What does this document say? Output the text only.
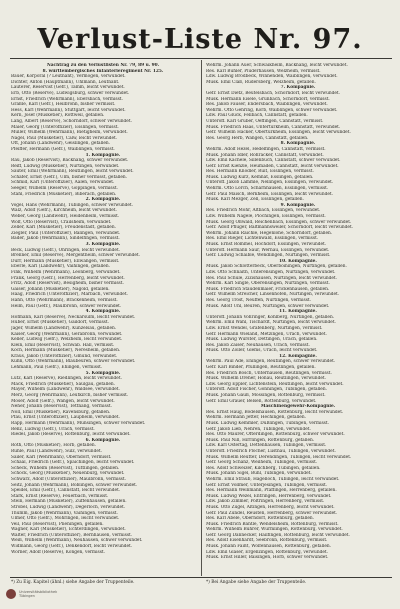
Verlust-Liste Nr. 97.
Nachtrag zu den Verlustlisten Nr. 79, 89 u. 90.
8. württembergisches Infanterieregiment Nr. 125.
Bauer, Korporal (? Leutnant), Vermögen, verwundet.
Dichter, Anton (Hauptmann), Uhlmann, Leutnant.
Lauterer, Reservist (Gefr.), Tamm, leicht verwundet.
Erb, Otto (Reserve), Ludwigsburg, schwer verwundet.
Ernst, Friedrich (Wehrmann), Ebersbach, vermisst.
Gräßle, Karl (Gefr.), Heilbronn, bisher vermisst.
Hess, Karl (Wehrmann), Stuttgart, leicht verwundet.
Kern, Josef (Musketier), Rottweil, gefallen.
Lang, Albert (Reserve), Schorndorf, schwer verwundet.
Maier, Georg (Unteroffizier), Esslingen, vermisst.
Müller, Wilhelm (Wehrmann), Bietigheim, verwundet.
Nagel, Paul (Musketier), Calw, leicht verwundet.
Ott, Johann (Landwehr), Geislingen, gefallen.
Pfeiffer, Hermann (Gefr.), Waiblingen, vermisst.
1. Kompagnie.
Rau, Jakob (Reservist), Backnang, schwer verwundet.
Reiff, Ludwig (Musketier), Nürtingen, verwundet.
Sauter, Emil (Wehrmann), Reutlingen, leicht verwundet.
Schäfer, Ernst (Gefr.), Ulm, bisher vermisst, gefallen.
Schmid, Karl (Unteroffizier), Aalen, verwundet.
Seeger, Wilhelm (Reserve), Göppingen, vermisst.
Stahl, Friedrich (Musketier), Biberach, gefallen.
2. Kompagnie.
Vogel, Hans (Wehrmann), Tübingen, schwer verwundet.
Walz, Adolf (Gefr.), Kirchheim, leicht verwundet.
Weber, Georg (Landwehr), Heidenheim, vermisst.
Wolf, Otto (Reservist), Crailsheim, verwundet.
Zeller, Karl (Musketier), Freudenstadt, gefallen.
Ziegler, Paul (Unteroffizier), Balingen, verwundet.
Bader, Jakob (Wehrmann), Sindelfingen, vermisst.
3. Kompagnie.
Beck, Ludwig (Gefr.), Öhringen, leicht verwundet.
Brenner, Emil (Reserve), Mergentheim, schwer verwundet.
Dürr, Hermann (Musketier), Ellwangen, vermisst.
Eberle, Karl (Landwehr), Vaihingen, gefallen.
Fink, Wilhelm (Wehrmann), Leonberg, verwundet.
Frank, Georg (Gefr.), Herrenberg, leicht verwundet.
Fritz, Adolf (Reservist), Besigheim, bisher vermisst.
Gaiser, Johann (Musketier), Nagold, gefallen.
Haag, Friedrich (Unteroffizier), Marbach, verwundet.
Hahn, Otto (Wehrmann), Brackenheim, vermisst.
Heim, Paul (Gefr.), Maulbronn, schwer verwundet.
4. Kompagnie.
Hofmann, Karl (Reserve), Neckarsulm, leicht verwundet.
Huber, Ernst (Musketier), Gaildorf, vermisst.
Jäger, Wilhelm (Landwehr), Künzelsau, gefallen.
Kaiser, Georg (Wehrmann), Gerabronn, verwundet.
Keller, Ludwig (Gefr.), Welzheim, leicht verwundet.
Klein, Emil (Reservist), Schwäb. Hall, vermisst.
Koch, Hermann (Musketier), Neresheim, gefallen.
Kraus, Jakob (Unteroffizier), Gmünd, verwundet.
Kuhn, Otto (Wehrmann), Blaubeuren, schwer verwundet.
Lehmann, Paul (Gefr.), Ehingen, vermisst.
5. Kompagnie.
Lutz, Karl (Reserve), Riedlingen, leicht verwundet.
Mack, Friedrich (Musketier), Saulgau, gefallen.
Mayer, Wilhelm (Landwehr), Waldsee, verwundet.
Merz, Georg (Wehrmann), Leutkirch, bisher vermisst.
Moser, Adolf (Gefr.), Wangen, leicht verwundet.
Neher, Johann (Reservist), Tettnang, vermisst.
Noll, Emil (Musketier), Ravensburg, gefallen.
Pfau, Ernst (Unteroffizier), Laupheim, verwundet.
Rapp, Hermann (Wehrmann), Münsingen, schwer verwundet.
Renz, Ludwig (Gefr.), Urach, vermisst.
Riedel, Jakob (Reserve), Rottenburg, leicht verwundet.
6. Kompagnie.
Roth, Otto (Musketier), Horb, gefallen.
Rühle, Paul (Landwehr), Sulz, verwundet.
Sailer, Karl (Wehrmann), Oberndorf, vermisst.
Schaal, Friedrich (Gefr.), Spaichingen, leicht verwundet.
Scheck, Wilhelm (Reservist), Tuttlingen, gefallen.
Schöck, Georg (Musketier), Neuenbürg, verwundet.
Schwarz, Adolf (Unteroffizier), Maulbronn, vermisst.
Seitz, Johann (Wehrmann), Böblingen, schwer verwundet.
Speidel, Emil (Gefr.), Cannstatt, leicht verwundet.
Stark, Ernst (Reserve), Feuerbach, vermisst.
Stein, Hermann (Musketier), Zuffenhausen, gefallen.
Strobel, Ludwig (Landwehr), Degerloch, verwundet.
Thumm, Jakob (Wehrmann), Vaihingen, vermisst.
Ulmer, Otto (Gefr.), Möhringen, leicht verwundet.
Veil, Paul (Reservist), Plieningen, gefallen.
Wagner, Karl (Musketier), Echterdingen, verwundet.
Walter, Friedrich (Unteroffizier), Bernhausen, vermisst.
Weiß, Wilhelm (Wehrmann), Neuhausen, schwer verwundet.
Widmann, Georg (Gefr.), Denkendorf, leicht verwundet.
Wörner, Adolf (Reserve), Köngen, vermisst.
Wehrm. Johann Auer, Schwaikheim, Backnang, leicht verwundet.
Res. Karl Bühler, Plüderhausen, Welzheim, vermisst.
Ldw. Ludwig Brodbeck, Winnenden, Waiblingen, verwundet.
Musk. Emil Claß, Rudersberg, Welzheim, gefallen.
7. Kompagnie.
Gefr. Ernst Dietz, Beutelsbach, Schorndorf, leicht verwundet.
Musk. Hermann Eisele, Grunbach, Schorndorf, vermisst.
Res. Jakob Fauser, Endersbach, Waiblingen, verwundet.
Wehrm. Otto Gehring, Korb, Waiblingen, schwer verwundet.
Ldw. Paul Glück, Fellbach, Cannstatt, gefallen.
Unteroff. Karl Gruber, Oeffingen, Cannstatt, vermisst.
Musk. Friedrich Haas, Untertürkheim, Cannstatt, verwundet.
Gefr. Wilhelm Häcker, Obertürkheim, Esslingen, leicht verwundet.
Res. Georg Herb, Wangen, Cannstatt, gefallen.
8. Kompagnie.
Wehrm. Adolf Hezel, Hedelfingen, Cannstatt, vermisst.
Musk. Johann Idler, Rohracker, Cannstatt, verwundet.
Ldw. Emil Kächele, Sillenbuch, Cannstatt, schwer verwundet.
Gefr. Ernst Kienzle, Heumaden, Cannstatt, leicht verwundet.
Res. Hermann Knödler, Ruit, Esslingen, vermisst.
Musk. Ludwig Kurz, Kemnat, Esslingen, gefallen.
Unteroff. Jakob Lämmle, Nellingen, Esslingen, verwundet.
Wehrm. Otto Lorch, Scharnhausen, Esslingen, vermisst.
Gefr. Paul Maisch, Berkheim, Esslingen, leicht verwundet.
Musk. Karl Mezger, Zell, Esslingen, gefallen.
9. Kompagnie.
Res. Friedrich Mohr, Altbach, Esslingen, verwundet.
Ldw. Wilhelm Nägele, Plochingen, Esslingen, vermisst.
Musk. Georg Oßwald, Reichenbach, Esslingen, schwer verwundet.
Gefr. Adolf Pflüger, Baltmannsweiler, Schorndorf, leicht verwundet.
Wehrm. Johann Raichle, Hegenlohe, Schorndorf, gefallen.
Res. Emil Rieger, Lichtenwald, Esslingen, vermisst.
Musk. Ernst Rommel, Hochdorf, Esslingen, verwundet.
Unteroff. Hermann Saur, Wernau, Esslingen, verwundet.
Gefr. Ludwig Schaible, Wendlingen, Nürtingen, vermisst.
10. Kompagnie.
Musk. Jakob Schlotterbeck, Oberboihingen, Nürtingen, gefallen.
Ldw. Otto Schnaith, Unterensingen, Nürtingen, verwundet.
Res. Paul Schüle, Zizishausen, Nürtingen, leicht verwundet.
Wehrm. Karl Single, Oberensingen, Nürtingen, vermisst.
Musk. Friedrich Staudenmaier, Frickenhausen, gefallen.
Gefr. Wilhelm Streicher, Linsenhofen, Nürtingen, verwundet.
Res. Georg Trost, Neuffen, Nürtingen, vermisst.
Musk. Adolf Uhl, Beuren, Nürtingen, schwer verwundet.
11. Kompagnie.
Unteroff. Johann Vöhringer, Kohlberg, Nürtingen, gefallen.
Wehrm. Emil Wahl, Tischardt, Nürtingen, leicht verwundet.
Ldw. Ernst Wendel, Grafenberg, Nürtingen, vermisst.
Gefr. Hermann Wieland, Metzingen, Urach, verwundet.
Musk. Ludwig Wurster, Dettingen, Urach, gefallen.
Res. Jakob Zaiser, Neuhausen, Urach, vermisst.
Musk. Otto Zoller, Glems, Urach, leicht verwundet.
12. Kompagnie.
Wehrm. Paul Ade, Eningen, Reutlingen, schwer verwundet.
Gefr. Karl Binder, Pfullingen, Reutlingen, gefallen.
Res. Friedrich Bosch, Unterhausen, Reutlingen, vermisst.
Musk. Wilhelm Dreher, Honau, Reutlingen, verwundet.
Ldw. Georg Eppler, Lichtenstein, Reutlingen, leicht verwundet.
Unteroff. Adolf Fischer, Gönningen, Tübingen, gefallen.
Musk. Johann Gauß, Mössingen, Rottenburg, vermisst.
Gefr. Emil Grauer, Belsen, Rottenburg, verwundet.
Maschinengewehr-Kompagnie.
Res. Ernst Haug, Bodelshausen, Rottenburg, leicht verwundet.
Wehrm. Hermann Jetter, Hechingen, gefallen.
Musk. Ludwig Kemmler, Dußlingen, Tübingen, vermisst.
Gefr. Jakob Lieb, Nehren, Tübingen, verwundet.
Res. Otto Maurer, Ofterdingen, Rottenburg, schwer verwundet.
Musk. Paul Nill, Hirrlingen, Rottenburg, gefallen.
Ldw. Karl Ostertag, Dettenhausen, Tübingen, vermisst.
Unteroff. Friedrich Plocher, Lustnau, Tübingen, verwundet.
Musk. Wilhelm Reutter, Derendingen, Tübingen, leicht verwundet.
Gefr. Georg Schanz, Weilheim, Tübingen, vermisst.
Res. Adolf Schweizer, Kilchberg, Tübingen, gefallen.
Musk. Johann Sigel, Bühl, Tübingen, verwundet.
Wehrm. Emil Straub, Hagelloch, Tübingen, leicht verwundet.
Gefr. Ernst Vollmer, Unterjesingen, Tübingen, vermisst.
Res. Hermann Weinmann, Pfäffingen, Herrenberg, gefallen.
Musk. Ludwig Wezel, Entringen, Herrenberg, verwundet.
Ldw. Jakob Zimmer, Poltringen, Herrenberg, vermisst.
Musk. Otto Zügel, Altingen, Herrenberg, leicht verwundet.
Gefr. Paul Zundel, Reusten, Herrenberg, schwer verwundet.
Res. Karl Abele, Oberndorf, Rottenburg, gefallen.
Musk. Friedrich Bantle, Wendelsheim, Rottenburg, vermisst.
Wehrm. Wilhelm Bührer, Wurmlingen, Rottenburg, verwundet.
Gefr. Georg Dannecker, Hailfingen, Rottenburg, leicht verwundet.
Res. Adolf Eisenhardt, Seebronn, Rottenburg, vermisst.
Musk. Johann Faißt, Wolfenhausen, Rottenburg, gefallen.
Ldw. Emil Glaser, Ergenzingen, Rottenburg, verwundet.
Musk. Ernst Hiller, Baisingen, Horb, schwer verwundet.
*) Zu Eig. Kapitel (ähnl.) siehe Angabe der Truppenteile.	*) Bei Angabe siehe Angabe der Truppenteile.
Universitätsbibliothek
Tübingen
